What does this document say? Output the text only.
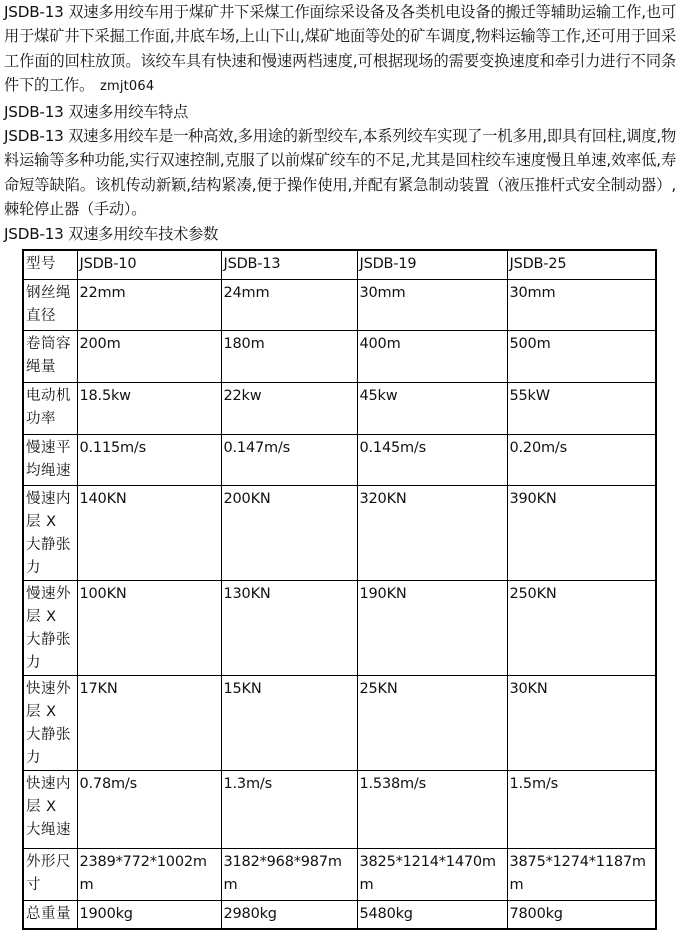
JSDB-13 双速多用绞车用于煤矿井下采煤工作面综采设备及各类机电设备的搬迁等辅助运输工作,也可用于煤矿井下采掘工作面,井底车场,上山下山,煤矿地面等处的矿车调度,物料运输等工作,还可用于回采工作面的回柱放顶。该绞车具有快速和慢速两档速度,可根据现场的需要变换速度和牵引力进行不同条件下的工作。 zmjt064

JSDB-13 双速多用绞车特点

JSDB-13 双速多用绞车是一种高效,多用途的新型绞车,本系列绞车实现了一机多用,即具有回柱,调度,物料运输等多种功能,实行双速控制,克服了以前煤矿绞车的不足,尤其是回柱绞车速度慢且单速,效率低,寿命短等缺陷。该机传动新颖,结构紧凑,便于操作使用,并配有紧急制动装置（液压推杆式安全制动器）,棘轮停止器（手动）。

JSDB-13 双速多用绞车技术参数

型号	JSDB-10	JSDB-13	JSDB-19	JSDB-25
钢丝绳直径	22mm	24mm	30mm	30mm
卷筒容绳量	200m	180m	400m	500m
电动机功率	18.5kw	22kw	45kw	55kW
慢速平均绳速	0.115m/s	0.147m/s	0.145m/s	0.20m/s
慢速内层 X 大静张力	140KN	200KN	320KN	390KN
慢速外层 X 大静张力	100KN	130KN	190KN	250KN
快速外层 X 大静张力	17KN	15KN	25KN	30KN
快速内层 X 大绳速	0.78m/s	1.3m/s	1.538m/s	1.5m/s
外形尺寸	2389*772*1002mm	3182*968*987mm	3825*1214*1470mm	3875*1274*1187mm
总重量	1900kg	2980kg	5480kg	7800kg
